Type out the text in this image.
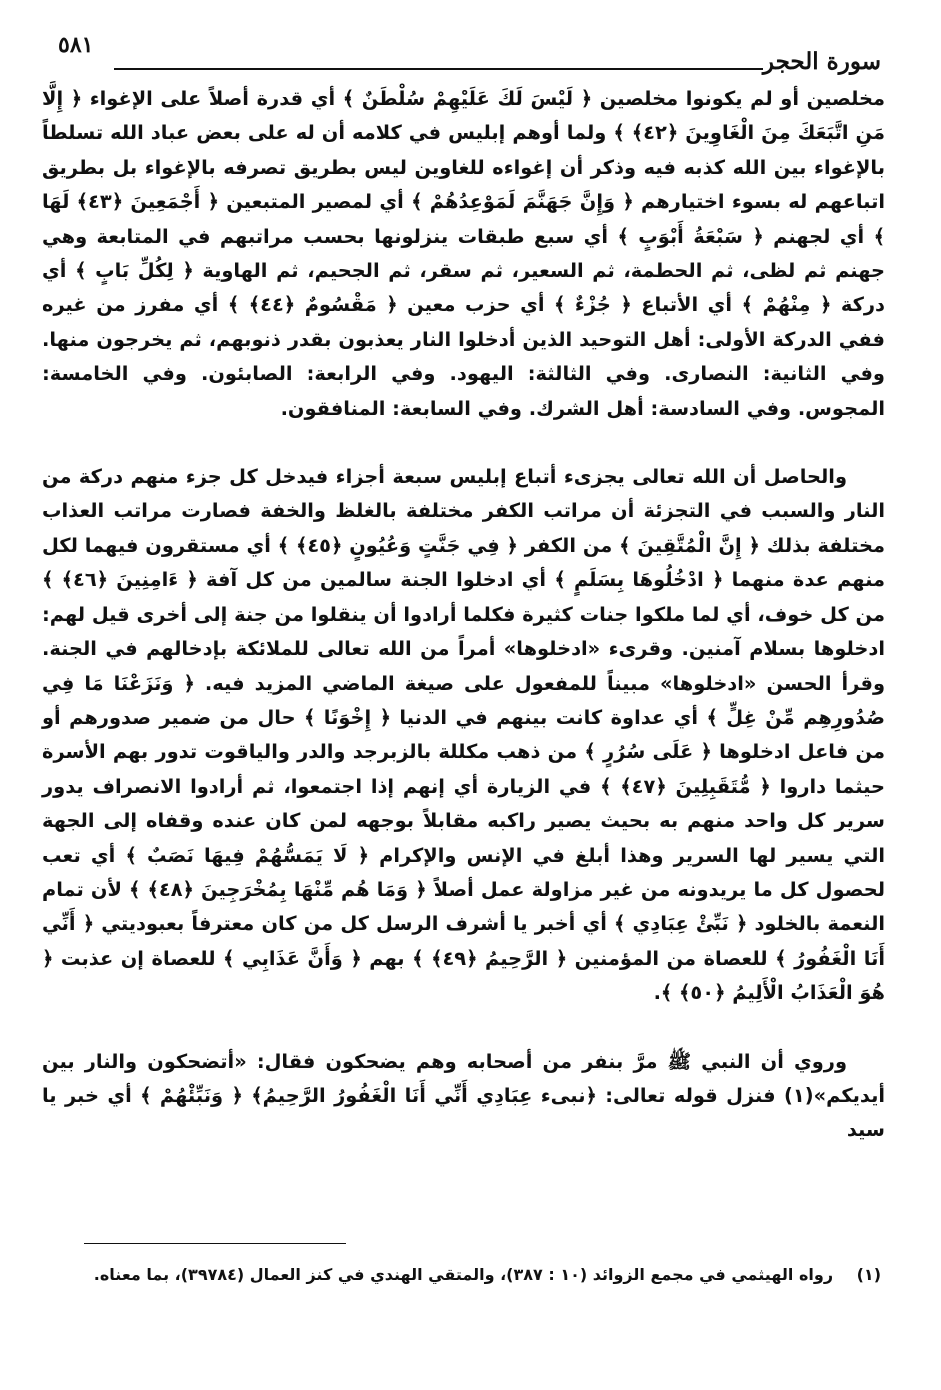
سورة الحجر
٥٨١

مخلصين أو لم يكونوا مخلصين ﴿ لَيْسَ لَكَ عَلَيْهِمْ سُلْطَنٌ ﴾ أي قدرة أصلاً على الإغواء ﴿ إِلَّا مَنِ اتَّبَعَكَ مِنَ الْغَاوِينَ ﴿٤٢﴾ ﴾ ولما أوهم إبليس في كلامه أن له على بعض عباد الله تسلطاً بالإغواء بين الله كذبه فيه وذكر أن إغواءه للغاوين ليس بطريق تصرفه بالإغواء بل بطريق اتباعهم له بسوء اختيارهم ﴿ وَإِنَّ جَهَنَّمَ لَمَوْعِدُهُمْ ﴾ أي لمصير المتبعين ﴿ أَجْمَعِينَ ﴿٤٣﴾ لَهَا ﴾ أي لجهنم ﴿ سَبْعَةُ أَبْوَبٍ ﴾ أي سبع طبقات ينزلونها بحسب مراتبهم في المتابعة وهي جهنم ثم لظى، ثم الحطمة، ثم السعير، ثم سقر، ثم الجحيم، ثم الهاوية ﴿ لِكُلِّ بَابٍ ﴾ أي دركة ﴿ مِنْهُمْ ﴾ أي الأتباع ﴿ جُزْءٌ ﴾ أي حزب معين ﴿ مَقْسُومٌ ﴿٤٤﴾ ﴾ أي مفرز من غيره ففي الدركة الأولى: أهل التوحيد الذين أدخلوا النار يعذبون بقدر ذنوبهم، ثم يخرجون منها. وفي الثانية: النصارى. وفي الثالثة: اليهود. وفي الرابعة: الصابئون. وفي الخامسة: المجوس. وفي السادسة: أهل الشرك. وفي السابعة: المنافقون.

والحاصل أن الله تعالى يجزىء أتباع إبليس سبعة أجزاء فيدخل كل جزء منهم دركة من النار والسبب في التجزئة أن مراتب الكفر مختلفة بالغلظ والخفة فصارت مراتب العذاب مختلفة بذلك ﴿ إِنَّ الْمُتَّقِينَ ﴾ من الكفر ﴿ فِي جَنَّتٍ وَعُيُونٍ ﴿٤٥﴾ ﴾ أي مستقرون فيهما لكل منهم عدة منهما ﴿ ادْخُلُوهَا بِسَلَمٍ ﴾ أي ادخلوا الجنة سالمين من كل آفة ﴿ ءَامِنِينَ ﴿٤٦﴾ ﴾ من كل خوف، أي لما ملكوا جنات كثيرة فكلما أرادوا أن ينقلوا من جنة إلى أخرى قيل لهم: ادخلوها بسلام آمنين. وقرىء «ادخلوها» أمراً من الله تعالى للملائكة بإدخالهم في الجنة. وقرأ الحسن «ادخلوها» مبيناً للمفعول على صيغة الماضي المزيد فيه. ﴿ وَنَزَعْنَا مَا فِي صُدُورِهِم مِّنْ غِلٍّ ﴾ أي عداوة كانت بينهم في الدنيا ﴿ إِخْوَنًا ﴾ حال من ضمير صدورهم أو من فاعل ادخلوها ﴿ عَلَى سُرُرٍ ﴾ من ذهب مكللة بالزبرجد والدر والياقوت تدور بهم الأسرة حيثما داروا ﴿ مُّتَقَبِلِينَ ﴿٤٧﴾ ﴾ في الزيارة أي إنهم إذا اجتمعوا، ثم أرادوا الانصراف يدور سرير كل واحد منهم به بحيث يصير راكبه مقابلاً بوجهه لمن كان عنده وقفاه إلى الجهة التي يسير لها السرير وهذا أبلغ في الإنس والإكرام ﴿ لَا يَمَسُّهُمْ فِيهَا نَصَبٌ ﴾ أي تعب لحصول كل ما يريدونه من غير مزاولة عمل أصلاً ﴿ وَمَا هُم مِّنْهَا بِمُخْرَجِينَ ﴿٤٨﴾ ﴾ لأن تمام النعمة بالخلود ﴿ نَبِّئْ عِبَادِي ﴾ أي أخبر يا أشرف الرسل كل من كان معترفاً بعبوديتي ﴿ أَنِّي أَنَا الْغَفُورُ ﴾ للعصاة من المؤمنين ﴿ الرَّحِيمُ ﴿٤٩﴾ ﴾ بهم ﴿ وَأَنَّ عَذَابِي ﴾ للعصاة إن عذبت ﴿ هُوَ الْعَذَابُ الْأَلِيمُ ﴿٥٠﴾ ﴾.

وروي أن النبي ﷺ مرَّ بنفر من أصحابه وهم يضحكون فقال: «أتضحكون والنار بين أيديكم»(١) فنزل قوله تعالى: ﴿نبىء عِبَادِي أَنِّي أَنَا الْغَفُورُ الرَّحِيمُ﴾ ﴿ وَنَبِّئْهُمْ ﴾ أي خبر يا سيد

(١) رواه الهيثمي في مجمع الزوائد (١٠ : ٣٨٧)، والمتقي الهندي في كنز العمال (٣٩٧٨٤)، بما معناه.
